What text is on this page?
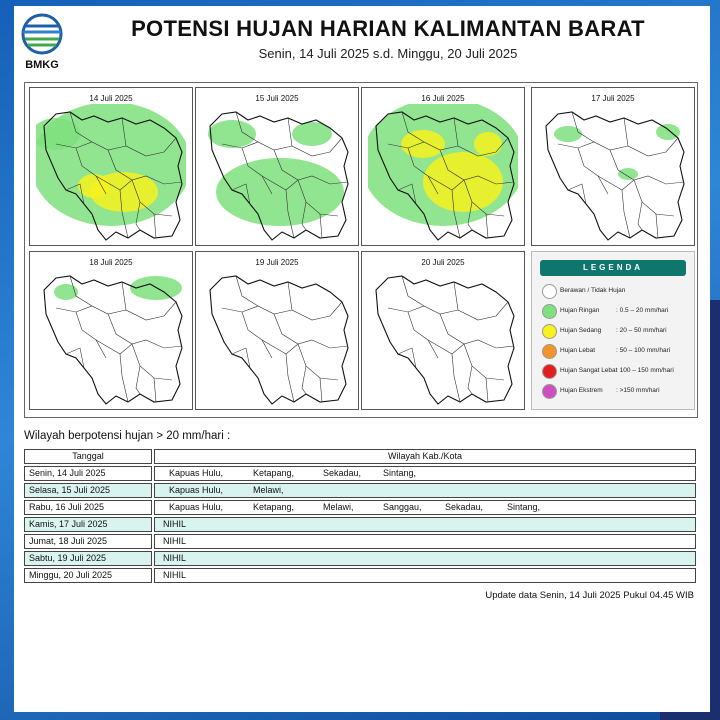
BMKG
POTENSI HUJAN HARIAN KALIMANTAN BARAT
Senin, 14 Juli 2025 s.d. Minggu, 20 Juli 2025
14 Juli 2025	15 Juli 2025	16 Juli 2025	17 Juli 2025
18 Juli 2025	19 Juli 2025	20 Juli 2025
LEGENDA
Berawan / Tidak Hujan
Hujan Ringan	: 0.5 – 20 mm/hari
Hujan Sedang : 20 – 50 mm/hari
Hujan Lebat	: 50 – 100 mm/hari
Hujan Sangat Lebat
: 100 – 150 mm/hari
Hujan Ekstrem : >150 mm/hari
Wilayah berpotensi hujan > 20 mm/hari :
Tanggal	Wilayah Kab./Kota
Senin, 14 Juli 2025	Kapuas Hulu,	Ketapang,	Sekadau, Sintang,
Selasa, 15 Juli 2025	Kapuas Hulu,	Melawi,
Rabu, 16 Juli 2025	Kapuas Hulu,	Ketapang,	Melawi,	Sanggau,	Sekadau,	Sintang,
Kamis, 17 Juli 2025	NIHIL
Jumat, 18 Juli 2025	NIHIL
Sabtu, 19 Juli 2025	NIHIL
Minggu, 20 Juli 2025	NIHIL
Update data Senin, 14 Juli 2025 Pukul 04.45 WIB
